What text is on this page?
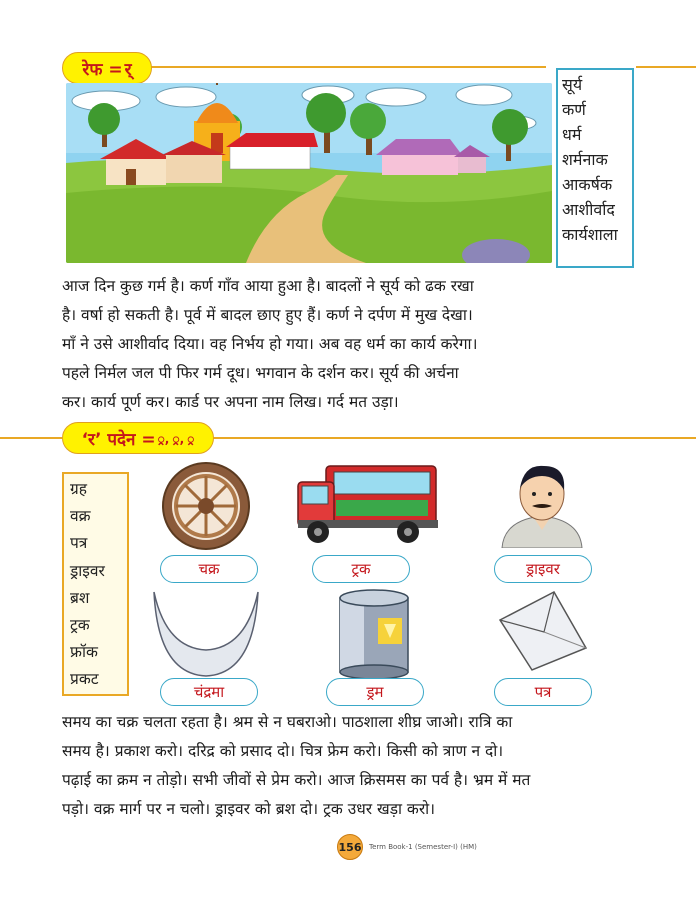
रेफ = र्
सूर्य
कर्ण
धर्म
शर्मनाक
आकर्षक
आशीर्वाद
कार्यशाला

आज दिन कुछ गर्म है। कर्ण गाँव आया हुआ है। बादलों ने सूर्य को ढक रखा

है। वर्षा हो सकती है। पूर्व में बादल छाए हुए हैं। कर्ण ने दर्पण में मुख देखा।

माँ ने उसे आशीर्वाद दिया। वह निर्भय हो गया। अब वह धर्म का कार्य करेगा।

पहले निर्मल जल पी फिर गर्म दूध। भगवान के दर्शन कर। सूर्य की अर्चना

कर। कार्य पूर्ण कर। कार्ड पर अपना नाम लिख। गर्द मत उड़ा।

‘र’ पदेन = ्र, ्र, ्र
ग्रह
वक्र
पत्र
ड्राइवर
ब्रश
ट्रक
फ्रॉक
प्रकट
चक्र	ट्रक	ड्राइवर
चंद्रमा	ड्रम	पत्र

समय का चक्र चलता रहता है। श्रम से न घबराओ। पाठशाला शीघ्र जाओ। रात्रि का

समय है। प्रकाश करो। दरिद्र को प्रसाद दो। चित्र फ्रेम करो। किसी को त्राण न दो।

पढ़ाई का क्रम न तोड़ो। सभी जीवों से प्रेम करो। आज क्रिसमस का पर्व है। भ्रम में मत

पड़ो। वक्र मार्ग पर न चलो। ड्राइवर को ब्रश दो। ट्रक उधर खड़ा करो।

156 Term Book-1 (Semester-I) (HM)
